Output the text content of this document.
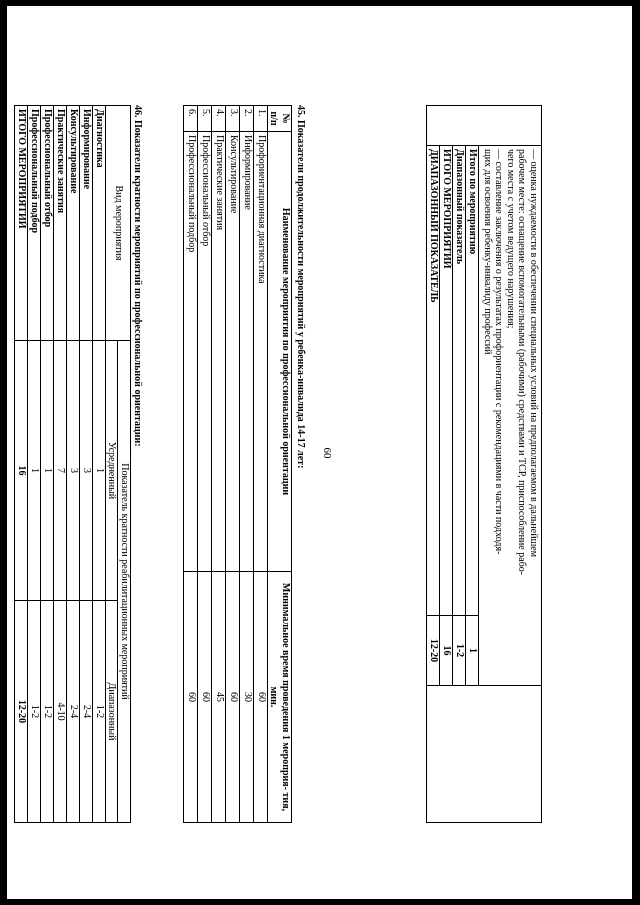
60

	— оценка нуждаемости в обеспечении специальных условий на предполагаемом в дальнейшем
рабочем месте: оснащение вспомогательными (рабочими) средствами и ТСР, приспособление рабо-
чего места с учетом ведущего нарушения;
— составление заключения о результатах профориентации с рекомендациями в части подходя-
щих для освоения ребенку-инвалиду профессий		

	Итого по мероприятию	1	
	Диапазонный показатель	1-2	
	ИТОГО МЕРОПРИЯТИЙ	16	
	ДИАПАЗОННЫЙ ПОКАЗАТЕЛЬ	12-20	
45. Показатели продолжительности мероприятий у ребенка-инвалида 14-17 лет:
№ п/п	Наименование мероприятия по профессиональной ориентации	Минимальное время проведения 1 мероприя- тия, мин.
1.	Профориентационная диагностика	60
2.	Информирование	30
3.	Консультирование	60
4.	Практические занятия	45
5.	Профессиональный отбор	60
6.	Профессиональный подбор	60
46. Показатели кратности мероприятий по профессиональной ориентации:
Вид мероприятия	Показатель кратности реабилитационных мероприятий	
	Усредненный	Диапазонный
Диагностика	1	1-2
Информирование	3	2-4
Консультирование	3	2-4
Практические занятия	7	4-10
Профессиональный отбор	1	1-2
Профессиональный подбор	1	1-2
ИТОГО МЕРОПРИЯТИЙ	16	12-20
